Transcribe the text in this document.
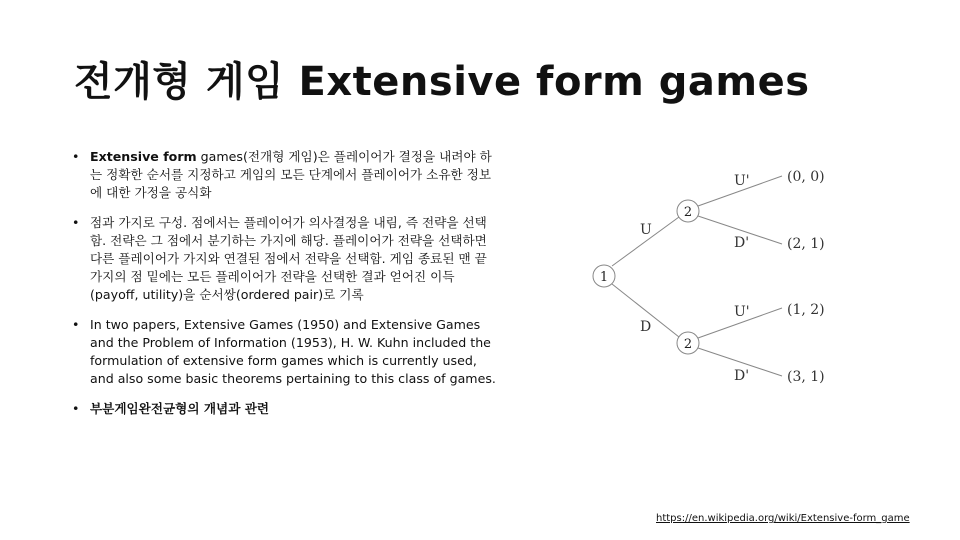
전개형 게임 Extensive form games
• Extensive form games(전개형 게임)은 플레이어가 결정을 내려야 하는 정확한 순서를 지정하고 게임의 모든 단계에서 플레이어가 소유한 정보에 대한 가정을 공식화
• 점과 가지로 구성. 점에서는 플레이어가 의사결정을 내림, 즉 전략을 선택함. 전략은 그 점에서 분기하는 가지에 해당. 플레이어가 전략을 선택하면 다른 플레이어가 가지와 연결된 점에서 전략을 선택함. 게임 종료된 맨 끝 가지의 점 밑에는 모든 플레이어가 전략을 선택한 결과 얻어진 이득(payoff, utility)을 순서쌍(ordered pair)로 기록
• In two papers, Extensive Games (1950) and Extensive Games and the Problem of Information (1953), H. W. Kuhn included the formulation of extensive form games which is currently used, and also some basic theorems pertaining to this class of games.
• 부분게임완전균형의 개념과 관련
1
2
2
U
D
U'
D'
U'
D'
(0, 0)
(2, 1)
(1, 2)
(3, 1)
https://en.wikipedia.org/wiki/Extensive-form_game
